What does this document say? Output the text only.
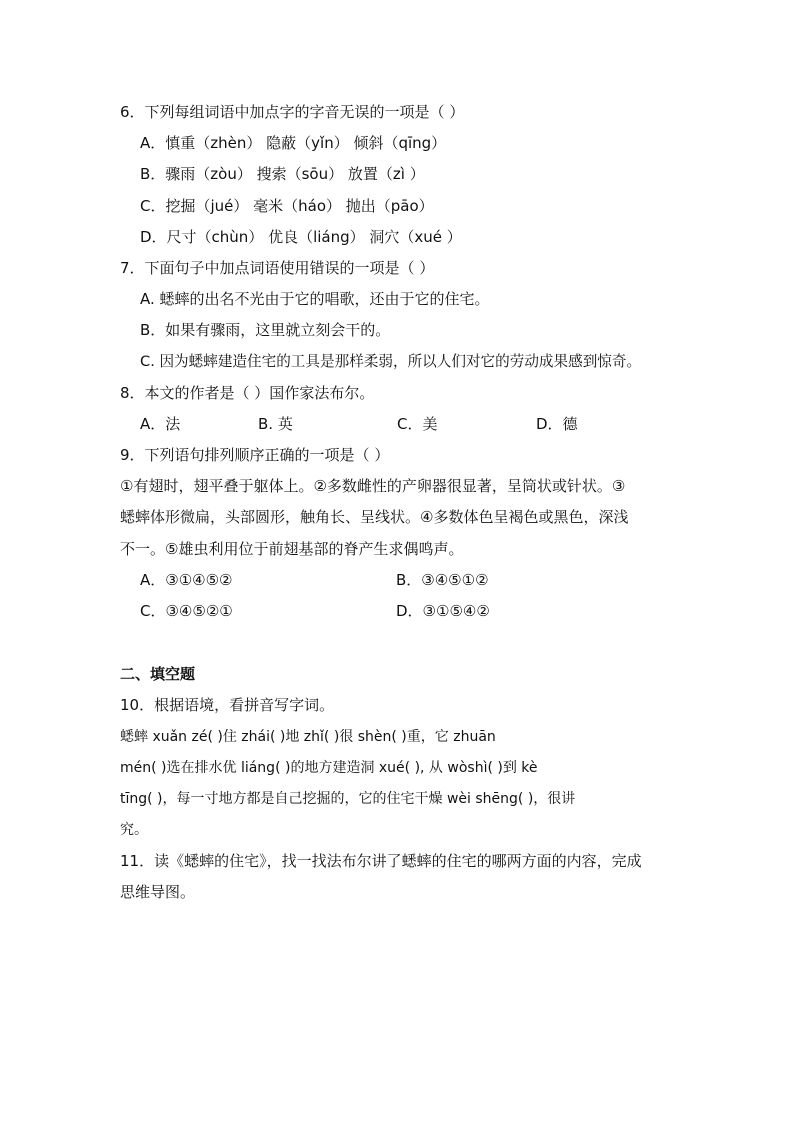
6．下列每组词语中加点字的字音无误的一项是（ ）
A．慎重（zhèn） 隐蔽（yǐn） 倾斜（qīng）
B．骤雨（zòu） 搜索（sōu） 放置（zì ）
C．挖掘（jué） 毫米（háo） 抛出（pāo）
D．尺寸（chùn） 优良（liáng） 洞穴（xué ）
7．下面句子中加点词语使用错误的一项是（ ）
A. 蟋蟀的出名不光由于它的唱歌，还由于它的住宅。
B．如果有骤雨，这里就立刻会干的。
C. 因为蟋蟀建造住宅的工具是那样柔弱，所以人们对它的劳动成果感到惊奇。
8．本文的作者是（ ）国作家法布尔。
A．法	B. 英	C．美	D．德
9．下列语句排列顺序正确的一项是（ ）
①有翅时，翅平叠于躯体上。②多数雌性的产卵器很显著，呈筒状或针状。③
蟋蟀体形微扁，头部圆形，触角长、呈线状。④多数体色呈褐色或黑色，深浅
不一。⑤雄虫利用位于前翅基部的脊产生求偶鸣声。
A．③①④⑤②	B．③④⑤①②
C．③④⑤②①	D．③①⑤④②
二、填空题
10．根据语境，看拼音写字词。
蟋蟀 xuǎn zé( )住 zhái( )地 zhǐ( )很 shèn( )重，它 zhuān
mén( )选在排水优 liáng( )的地方建造洞 xué( ), 从 wòshì( )到 kè
tīng( )，每一寸地方都是自己挖掘的，它的住宅干燥 wèi shēng( )，很讲
究。
11．读《蟋蟀的住宅》，找一找法布尔讲了蟋蟀的住宅的哪两方面的内容，完成
思维导图。
